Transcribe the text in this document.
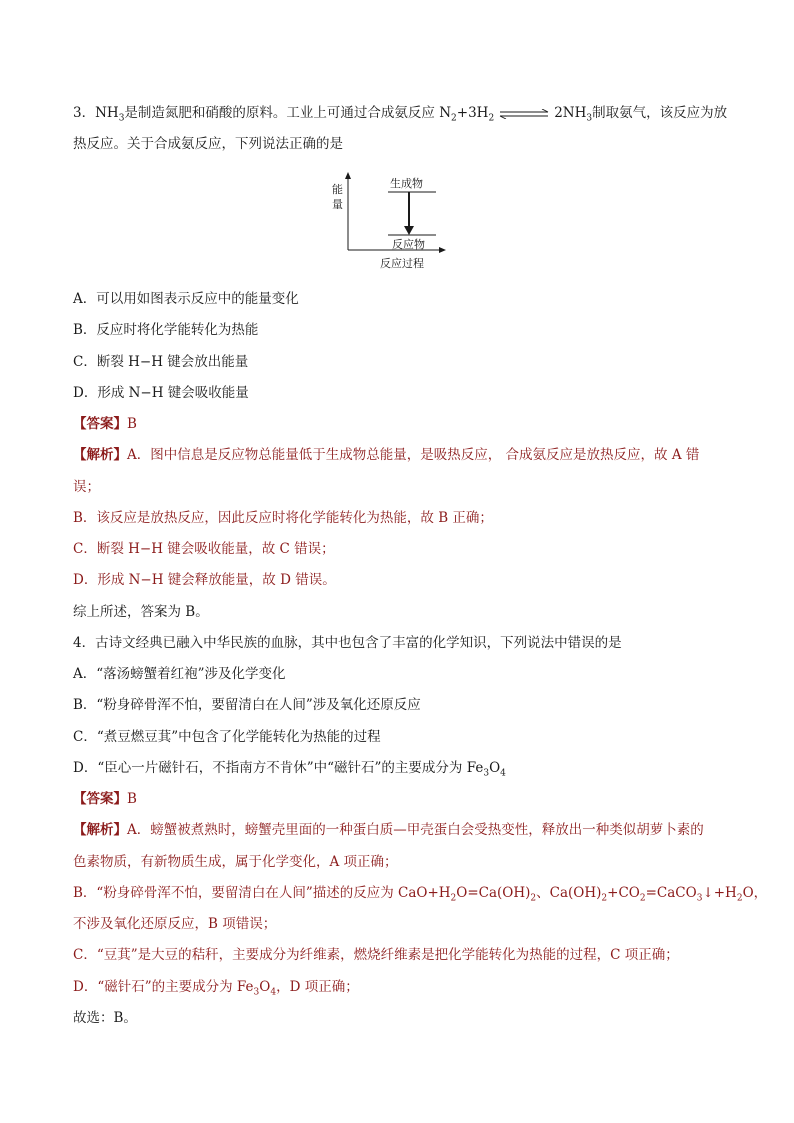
3．$NH_3$是制造氮肥和硝酸的原料。工业上可通过合成氨反应 $N_2+3H_2$ ⇌ $2NH_3$制取氨气，该反应为放
热反应。关于合成氨反应，下列说法正确的是
能量
生成物
反应物
反应过程
A．可以用如图表示反应中的能量变化
B．反应时将化学能转化为热能
C．断裂 H−H 键会放出能量
D．形成 N−H 键会吸收能量
【答案】B
【解析】A．图中信息是反应物总能量低于生成物总能量，是吸热反应， 合成氨反应是放热反应，故 A 错
误；
B．该反应是放热反应，因此反应时将化学能转化为热能，故 B 正确；
C．断裂 H−H 键会吸收能量，故 C 错误；
D．形成 N−H 键会释放能量，故 D 错误。
综上所述，答案为 B。
4．古诗文经典已融入中华民族的血脉，其中也包含了丰富的化学知识，下列说法中错误的是
A．“落汤螃蟹着红袍”涉及化学变化
B．“粉身碎骨浑不怕，要留清白在人间”涉及氧化还原反应
C．“煮豆燃豆萁”中包含了化学能转化为热能的过程
D．“臣心一片磁针石，不指南方不肯休”中“磁针石”的主要成分为 $Fe_3O_4$
【答案】B
【解析】A．螃蟹被煮熟时，螃蟹壳里面的一种蛋白质—甲壳蛋白会受热变性，释放出一种类似胡萝卜素的
色素物质，有新物质生成，属于化学变化，A 项正确；
B．“粉身碎骨浑不怕，要留清白在人间”描述的反应为 $CaO+H_2O=Ca(OH)_2$、$Ca(OH)_2+CO_2=CaCO_3↓+H_2O$，
不涉及氧化还原反应，B 项错误；
C．“豆萁”是大豆的秸秆，主要成分为纤维素，燃烧纤维素是把化学能转化为热能的过程，C 项正确；
D．“磁针石”的主要成分为 $Fe_3O_4$，D 项正确；
故选：B。
